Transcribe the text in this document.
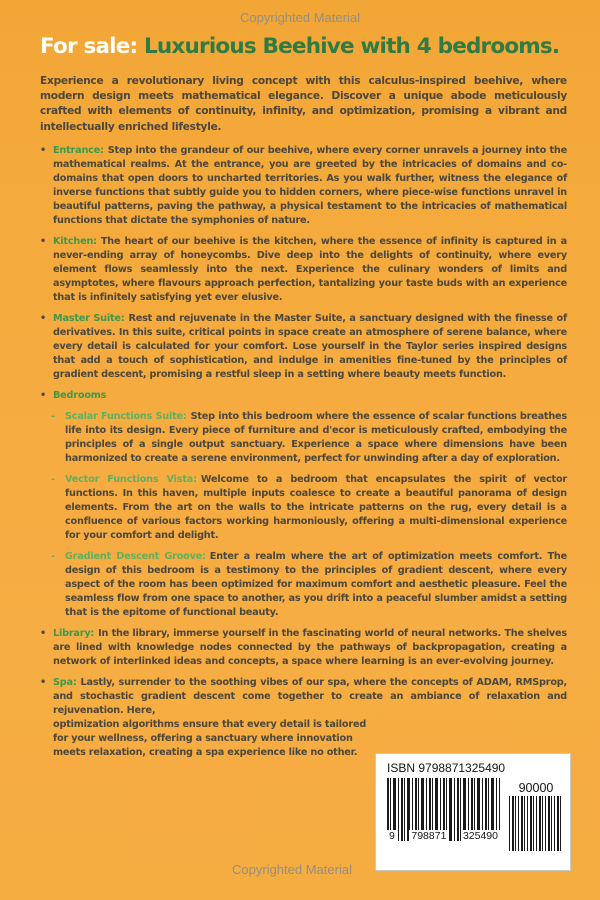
Copyrighted Material
For sale: Luxurious Beehive with 4 bedrooms.

Experience a revolutionary living concept with this calculus-inspired beehive, where modern design meets mathematical elegance. Discover a unique abode meticulously crafted with elements of continuity, infinity, and optimization, promising a vibrant and intellectually enriched lifestyle.

• Entrance: Step into the grandeur of our beehive, where every corner unravels a journey into the mathematical realms. At the entrance, you are greeted by the intricacies of domains and co-domains that open doors to uncharted territories. As you walk further, witness the elegance of inverse functions that subtly guide you to hidden corners, where piece-wise functions unravel in beautiful patterns, paving the pathway, a physical testament to the intricacies of mathematical functions that dictate the symphonies of nature.
• Kitchen: The heart of our beehive is the kitchen, where the essence of infinity is captured in a never-ending array of honeycombs. Dive deep into the delights of continuity, where every element flows seamlessly into the next. Experience the culinary wonders of limits and asymptotes, where flavours approach perfection, tantalizing your taste buds with an experience that is infinitely satisfying yet ever elusive.
• Master Suite: Rest and rejuvenate in the Master Suite, a sanctuary designed with the finesse of derivatives. In this suite, critical points in space create an atmosphere of serene balance, where every detail is calculated for your comfort. Lose yourself in the Taylor series inspired designs that add a touch of sophistication, and indulge in amenities fine-tuned by the principles of gradient descent, promising a restful sleep in a setting where beauty meets function.
• Bedrooms
- Scalar Functions Suite: Step into this bedroom where the essence of scalar functions breathes life into its design. Every piece of furniture and d'ecor is meticulously crafted, embodying the principles of a single output sanctuary. Experience a space where dimensions have been harmonized to create a serene environment, perfect for unwinding after a day of exploration.
- Vector Functions Vista: Welcome to a bedroom that encapsulates the spirit of vector functions. In this haven, multiple inputs coalesce to create a beautiful panorama of design elements. From the art on the walls to the intricate patterns on the rug, every detail is a confluence of various factors working harmoniously, offering a multi-dimensional experience for your comfort and delight.
- Gradient Descent Groove: Enter a realm where the art of optimization meets comfort. The design of this bedroom is a testimony to the principles of gradient descent, where every aspect of the room has been optimized for maximum comfort and aesthetic pleasure. Feel the seamless flow from one space to another, as you drift into a peaceful slumber amidst a setting that is the epitome of functional beauty.
• Library: In the library, immerse yourself in the fascinating world of neural networks. The shelves are lined with knowledge nodes connected by the pathways of backpropagation, creating a network of interlinked ideas and concepts, a space where learning is an ever-evolving journey.
• Spa: Lastly, surrender to the soothing vibes of our spa, where the concepts of ADAM, RMSprop, and stochastic gradient descent come together to create an ambiance of relaxation and rejuvenation. Here,
optimization algorithms ensure that every detail is tailored for your wellness, offering a sanctuary where innovation meets relaxation, creating a spa experience like no other.
ISBN 9798871325490
9 798871 325490
90000
Copyrighted Material
